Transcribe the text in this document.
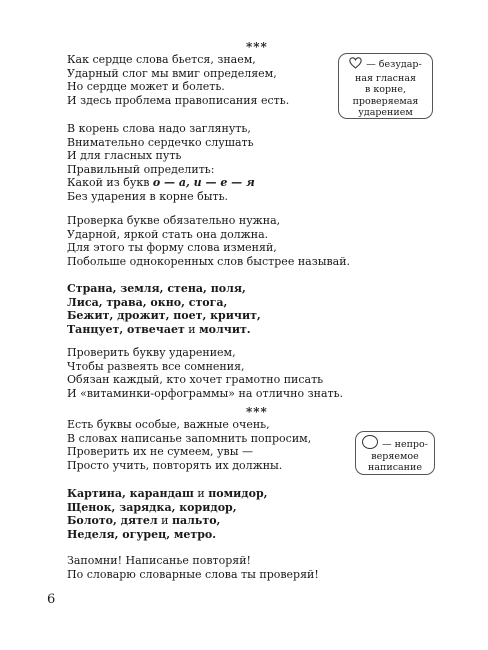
***
***
Как сердце слова бьется, знаем,
Ударный слог мы вмиг определяем,
Но сердце может и болеть.
И здесь проблема правописания есть.
В корень слова надо заглянуть,
Внимательно сердечко слушать
И для гласных путь
Правильный определить:
Какой из букв о — а, и — е — я
Без ударения в корне быть.
Проверка букве обязательно нужна,
Ударной, яркой стать она должна.
Для этого ты форму слова изменяй,
Побольше однокоренных слов быстрее называй.
Страна, земля, стена, поля,
Лиса, трава, окно, стога,
Бежит, дрожит, поет, кричит,
Танцует, отвечает и молчит.
Проверить букву ударением,
Чтобы развеять все сомнения,
Обязан каждый, кто хочет грамотно писать
И «витаминки-орфограммы» на отлично знать.
Есть буквы особые, важные очень,
В словах написанье запомнить попросим,
Проверить их не сумеем, увы —
Просто учить, повторять их должны.
Картина, карандаш и помидор,
Щенок, зарядка, коридор,
Болото, дятел и пальто,
Неделя, огурец, метро.
Запомни! Написанье повторяй!
По словарю словарные слова ты проверяй!
— безудар-
ная гласная
в корне,
проверяемая
ударением
— непро-
веряемое
написание
6
